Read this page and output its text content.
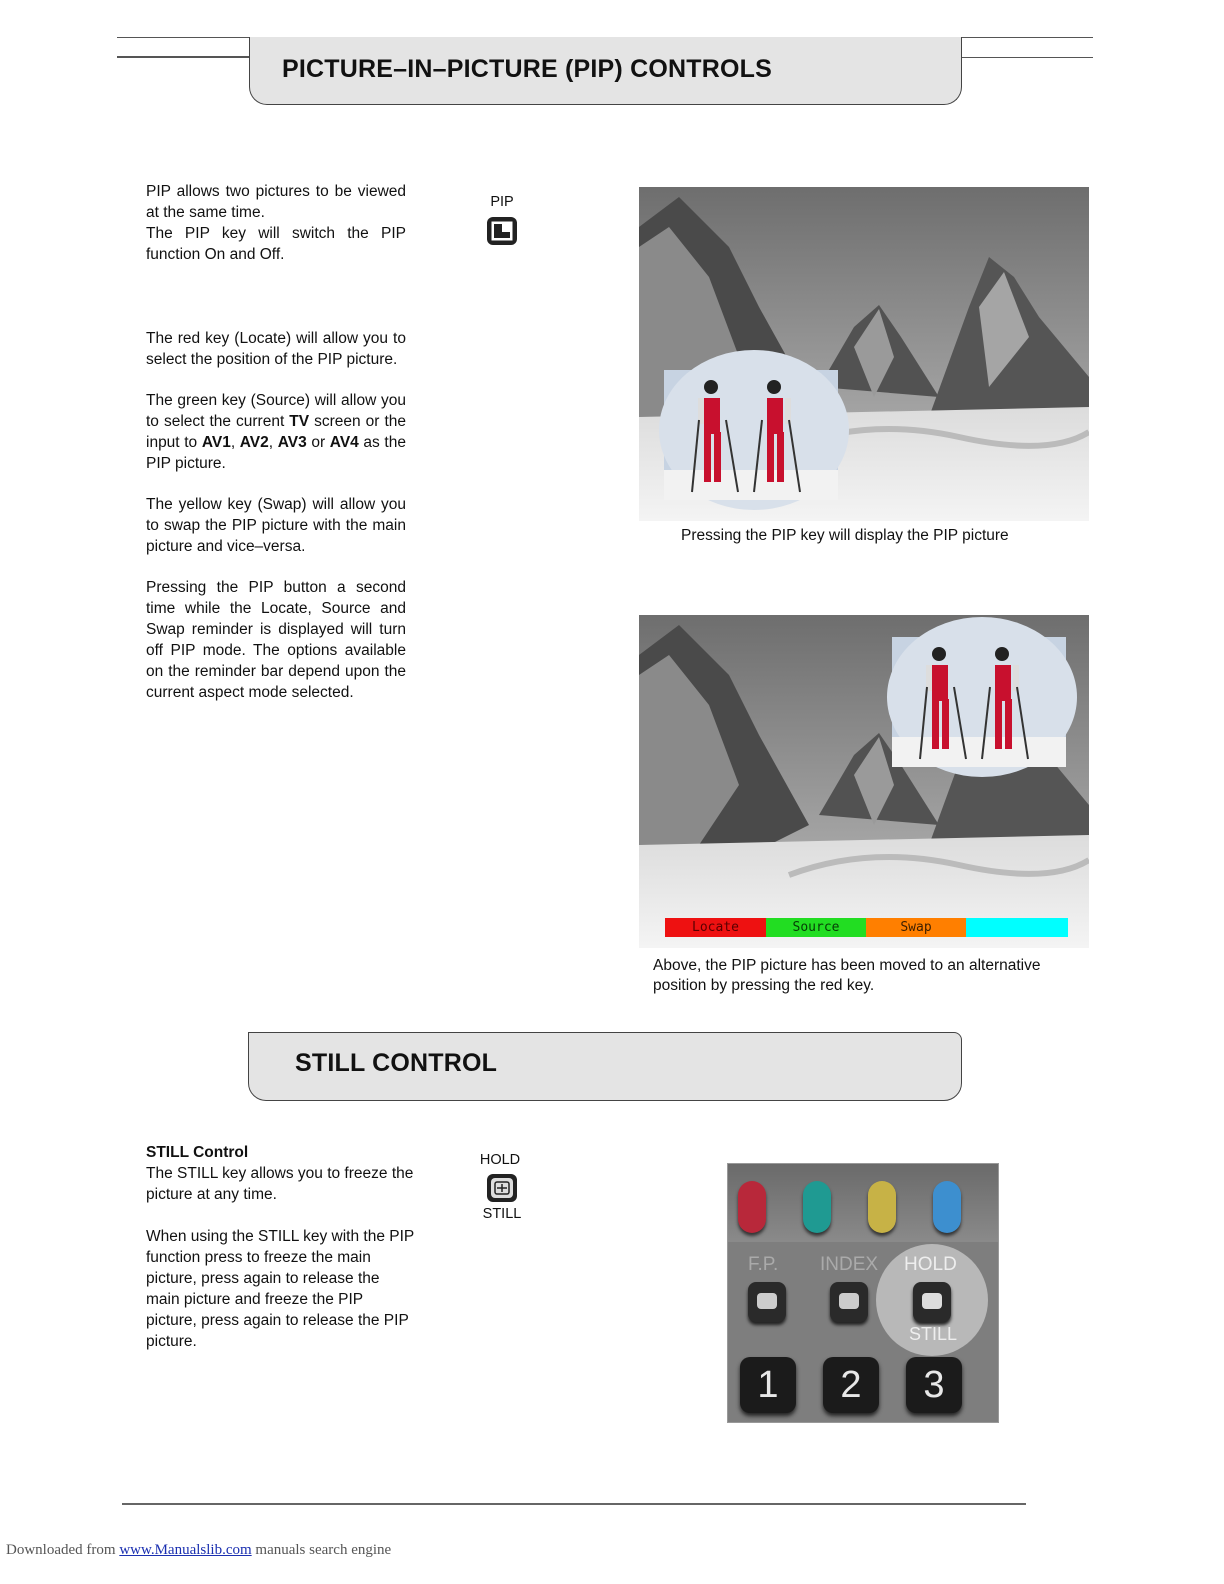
PICTURE–IN–PICTURE (PIP) CONTROLS

PIP allows two pictures to be viewed at the same time.

The PIP key will switch the PIP function On and Off.

The red key (Locate) will allow you to select the position of the PIP picture.
The green key (Source) will allow you to select the current TV screen or the input to AV1, AV2, AV3 or AV4 as the PIP picture.
The yellow key (Swap) will allow you to swap the PIP picture with the main picture and vice–versa.
Pressing the PIP button a second time while the Locate, Source and Swap reminder is displayed will turn off PIP mode. The options available on the reminder bar depend upon the current aspect mode selected.
PIP
Pressing the PIP key will display the PIP picture
Locate	Source	Swap
Above, the PIP picture has been moved to an alternative
position by pressing the red key.
STILL CONTROL

STILL Control

The STILL key allows you to freeze the picture at any time.

When using the STILL key with the PIP function press to freeze the main picture, press again to release the main picture and freeze the PIP picture, press again to release the PIP picture.

HOLD
STILL
F.P. INDEX HOLD
STILL
1	2	3
Downloaded from www.Manualslib.com manuals search engine
